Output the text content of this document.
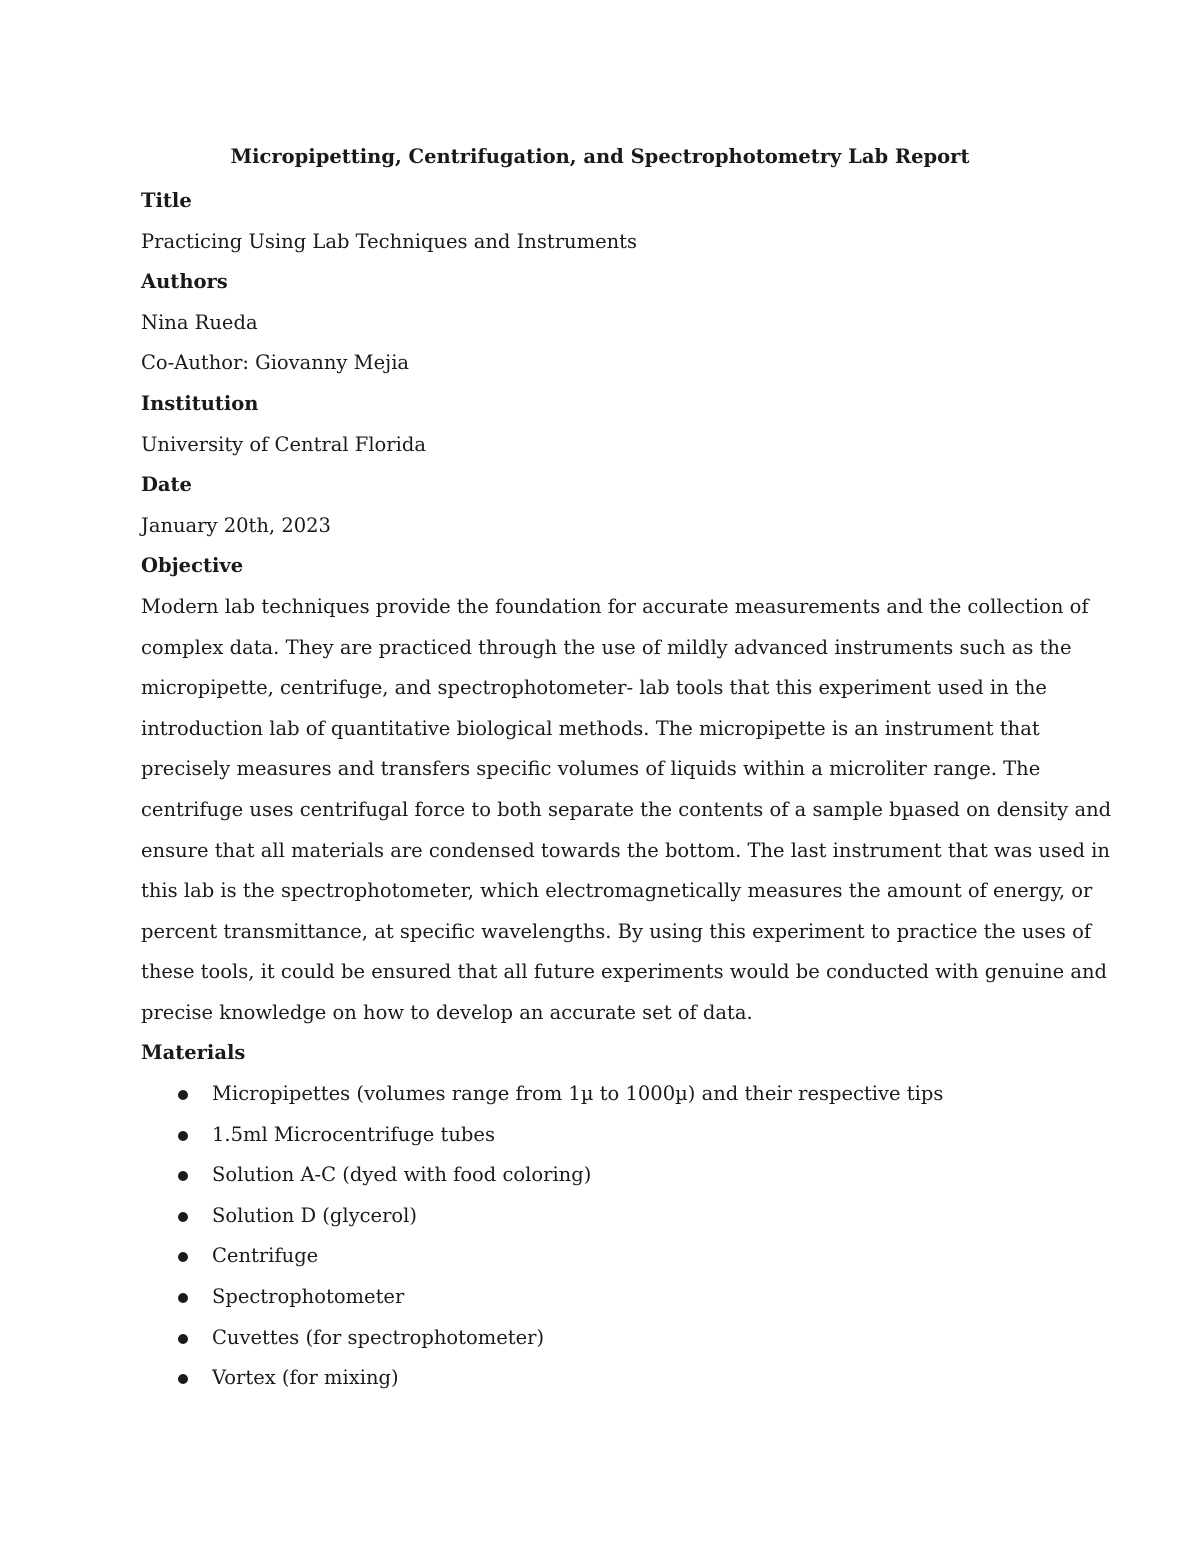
Micropipetting, Centrifugation, and Spectrophotometry Lab Report
Title
Practicing Using Lab Techniques and Instruments
Authors
Nina Rueda
Co-Author: Giovanny Mejia
Institution
University of Central Florida
Date
January 20th, 2023
Objective
Modern lab techniques provide the foundation for accurate measurements and the collection of
complex data. They are practiced through the use of mildly advanced instruments such as the
micropipette, centrifuge, and spectrophotometer- lab tools that this experiment used in the
introduction lab of quantitative biological methods. The micropipette is an instrument that
precisely measures and transfers specific volumes of liquids within a microliter range. The
centrifuge uses centrifugal force to both separate the contents of a sample bµased on density and
ensure that all materials are condensed towards the bottom. The last instrument that was used in
this lab is the spectrophotometer, which electromagnetically measures the amount of energy, or
percent transmittance, at specific wavelengths. By using this experiment to practice the uses of
these tools, it could be ensured that all future experiments would be conducted with genuine and
precise knowledge on how to develop an accurate set of data.
Materials
Micropipettes (volumes range from 1µ to 1000µ) and their respective tips
1.5ml Microcentrifuge tubes
Solution A-C (dyed with food coloring)
Solution D (glycerol)
Centrifuge
Spectrophotometer
Cuvettes (for spectrophotometer)
Vortex (for mixing)
